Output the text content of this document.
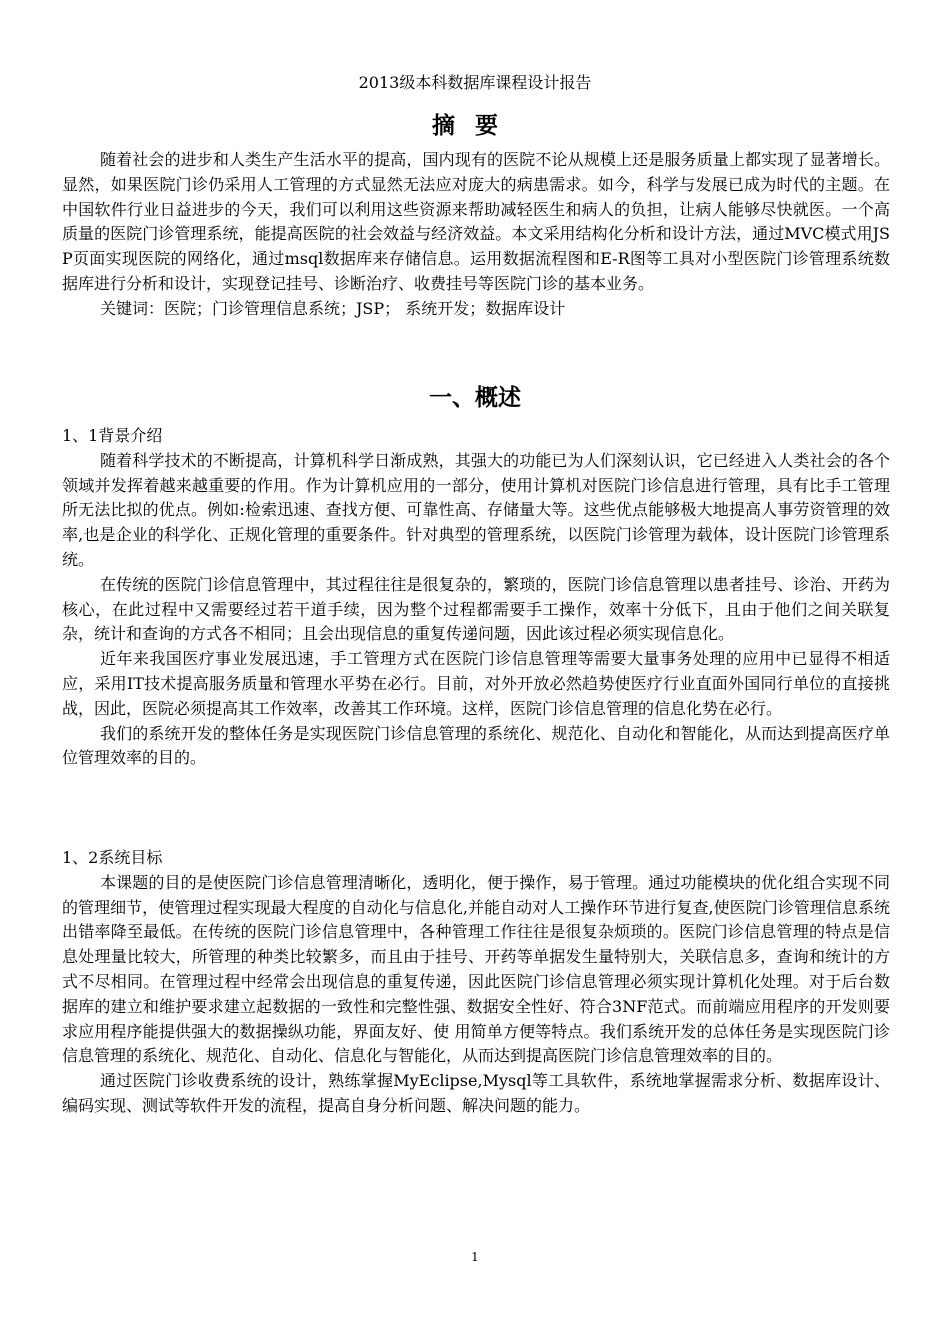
2013级本科数据库课程设计报告
摘要

随着社会的进步和人类生产生活水平的提高，国内现有的医院不论从规模上还是服务质量上都实现了显著增长。显然，如果医院门诊仍采用人工管理的方式显然无法应对庞大的病患需求。如今，科学与发展已成为时代的主题。在中国软件行业日益进步的今天，我们可以利用这些资源来帮助减轻医生和病人的负担，让病人能够尽快就医。一个高质量的医院门诊管理系统，能提高医院的社会效益与经济效益。本文采用结构化分析和设计方法，通过MVC模式用JSP页面实现医院的网络化，通过msql数据库来存储信息。运用数据流程图和E-R图等工具对小型医院门诊管理系统数据库进行分析和设计，实现登记挂号、诊断治疗、收费挂号等医院门诊的基本业务。

关键词：医院；门诊管理信息系统；JSP； 系统开发；数据库设计

一、概述
1、1背景介绍

随着科学技术的不断提高，计算机科学日渐成熟，其强大的功能已为人们深刻认识，它已经进入人类社会的各个领域并发挥着越来越重要的作用。作为计算机应用的一部分，使用计算机对医院门诊信息进行管理，具有比手工管理所无法比拟的优点。例如:检索迅速、查找方便、可靠性高、存储量大等。这些优点能够极大地提高人事劳资管理的效率,也是企业的科学化、正规化管理的重要条件。针对典型的管理系统，以医院门诊管理为载体，设计医院门诊管理系统。

在传统的医院门诊信息管理中，其过程往往是很复杂的，繁琐的，医院门诊信息管理以患者挂号、诊治、开药为核心，在此过程中又需要经过若干道手续，因为整个过程都需要手工操作，效率十分低下，且由于他们之间关联复杂，统计和查询的方式各不相同；且会出现信息的重复传递问题，因此该过程必须实现信息化。

近年来我国医疗事业发展迅速，手工管理方式在医院门诊信息管理等需要大量事务处理的应用中已显得不相适应，采用IT技术提高服务质量和管理水平势在必行。目前，对外开放必然趋势使医疗行业直面外国同行单位的直接挑战，因此，医院必须提高其工作效率，改善其工作环境。这样，医院门诊信息管理的信息化势在必行。

我们的系统开发的整体任务是实现医院门诊信息管理的系统化、规范化、自动化和智能化，从而达到提高医疗单位管理效率的目的。

1、2系统目标

本课题的目的是使医院门诊信息管理清晰化，透明化，便于操作，易于管理。通过功能模块的优化组合实现不同的管理细节，使管理过程实现最大程度的自动化与信息化,并能自动对人工操作环节进行复查,使医院门诊管理信息系统出错率降至最低。在传统的医院门诊信息管理中，各种管理工作往往是很复杂烦琐的。医院门诊信息管理的特点是信息处理量比较大，所管理的种类比较繁多，而且由于挂号、开药等单据发生量特别大，关联信息多，查询和统计的方式不尽相同。在管理过程中经常会出现信息的重复传递，因此医院门诊信息管理必须实现计算机化处理。对于后台数据库的建立和维护要求建立起数据的一致性和完整性强、数据安全性好、符合3NF范式。而前端应用程序的开发则要求应用程序能提供强大的数据操纵功能，界面友好、使 用简单方便等特点。我们系统开发的总体任务是实现医院门诊信息管理的系统化、规范化、自动化、信息化与智能化，从而达到提高医院门诊信息管理效率的目的。

通过医院门诊收费系统的设计，熟练掌握MyEclipse,Mysql等工具软件，系统地掌握需求分析、数据库设计、编码实现、测试等软件开发的流程，提高自身分析问题、解决问题的能力。

1
